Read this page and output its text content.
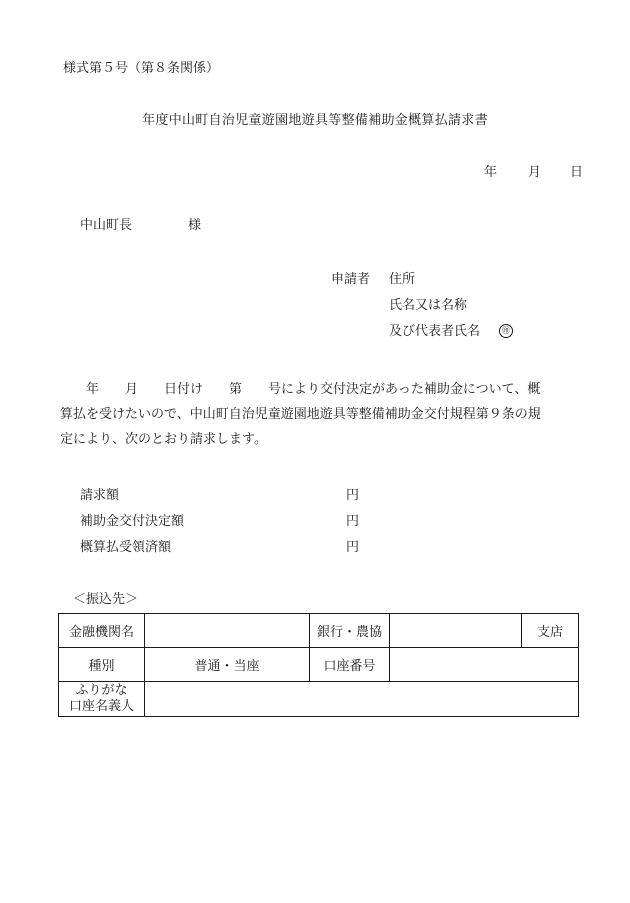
様式第５号（第８条関係）
年度中山町自治児童遊園地遊具等整備補助金概算払請求書
年 月 日
中山町長	様
申請者 住所
氏名又は名称
及び代表者氏名	㊞
　　年　　月　　日付け　　第　　号により交付決定があった補助金について、概
算払を受けたいので、中山町自治児童遊園地遊具等整備補助金交付規程第９条の規
定により、次のとおり請求します。
請求額	円
補助金交付決定額	円
概算払受領済額	円
＜振込先＞
金融機関名		銀行・農協		支店
種別	普通・当座	口座番号		

ふりがな
口座名義人				
